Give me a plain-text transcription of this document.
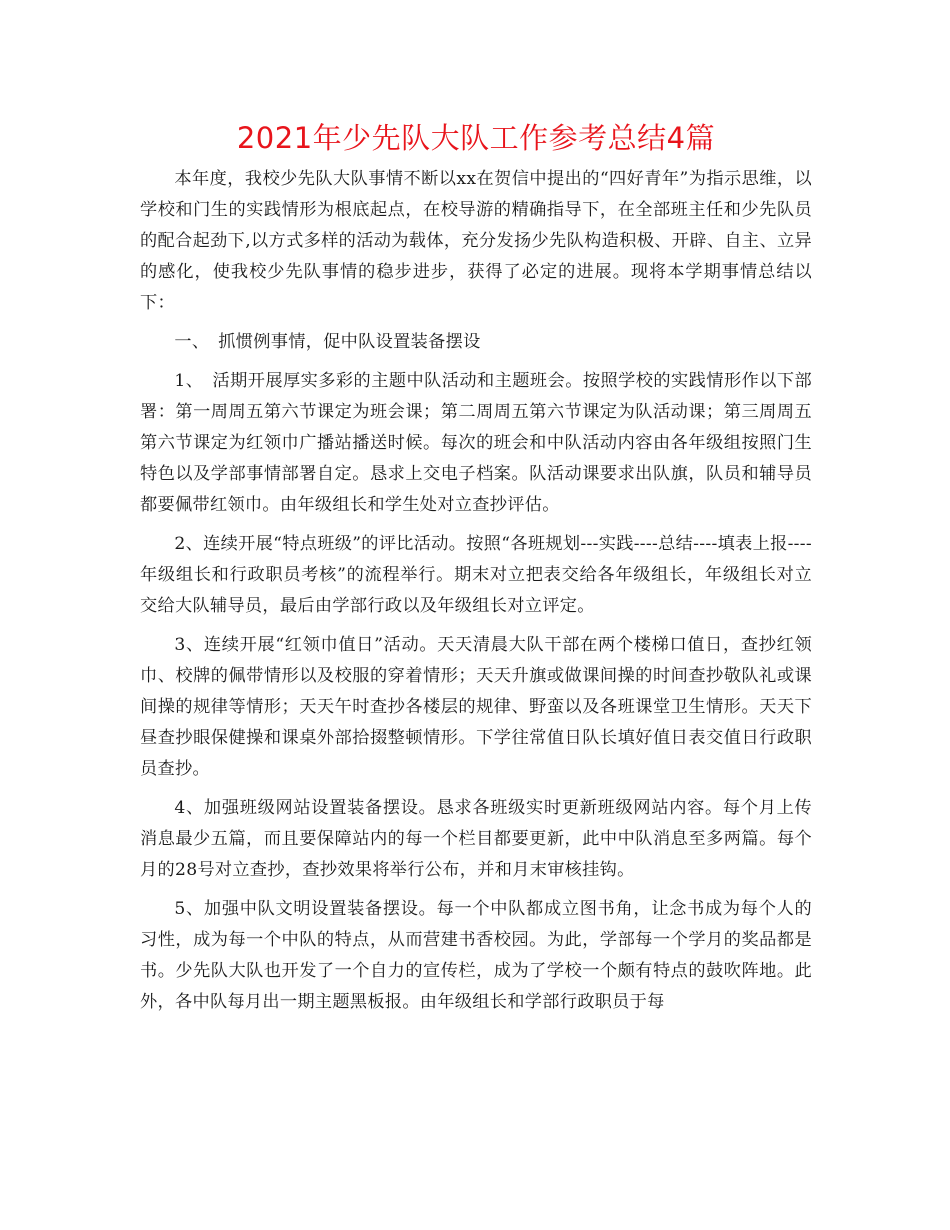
2021年少先队大队工作参考总结4篇

本年度，我校少先队大队事情不断以xx在贺信中提出的“四好青年”为指示思维，以学校和门生的实践情形为根底起点，在校导游的精确指导下，在全部班主任和少先队员的配合起劲下,以方式多样的活动为载体，充分发扬少先队构造积极、开辟、自主、立异的感化，使我校少先队事情的稳步进步，获得了必定的进展。现将本学期事情总结以下：

一、　抓惯例事情，促中队设置装备摆设

1、　活期开展厚实多彩的主题中队活动和主题班会。按照学校的实践情形作以下部署：第一周周五第六节课定为班会课；第二周周五第六节课定为队活动课；第三周周五第六节课定为红领巾广播站播送时候。每次的班会和中队活动内容由各年级组按照门生特色以及学部事情部署自定。恳求上交电子档案。队活动课要求出队旗，队员和辅导员都要佩带红领巾。由年级组长和学生处对立查抄评估。

2、连续开展“特点班级”的评比活动。按照“各班规划---实践----总结----填表上报----年级组长和行政职员考核”的流程举行。期末对立把表交给各年级组长，年级组长对立交给大队辅导员，最后由学部行政以及年级组长对立评定。

3、连续开展“红领巾值日”活动。天天清晨大队干部在两个楼梯口值日，查抄红领巾、校牌的佩带情形以及校服的穿着情形；天天升旗或做课间操的时间查抄敬队礼或课间操的规律等情形；天天午时查抄各楼层的规律、野蛮以及各班课堂卫生情形。天天下昼查抄眼保健操和课桌外部拾掇整顿情形。下学往常值日队长填好值日表交值日行政职员查抄。

4、加强班级网站设置装备摆设。恳求各班级实时更新班级网站内容。每个月上传消息最少五篇，而且要保障站内的每一个栏目都要更新，此中中队消息至多两篇。每个月的28号对立查抄，查抄效果将举行公布，并和月末审核挂钩。

5、加强中队文明设置装备摆设。每一个中队都成立图书角，让念书成为每个人的习性，成为每一个中队的特点，从而营建书香校园。为此，学部每一个学月的奖品都是书。少先队大队也开发了一个自力的宣传栏，成为了学校一个颇有特点的鼓吹阵地。此外，各中队每月出一期主题黑板报。由年级组长和学部行政职员于每
